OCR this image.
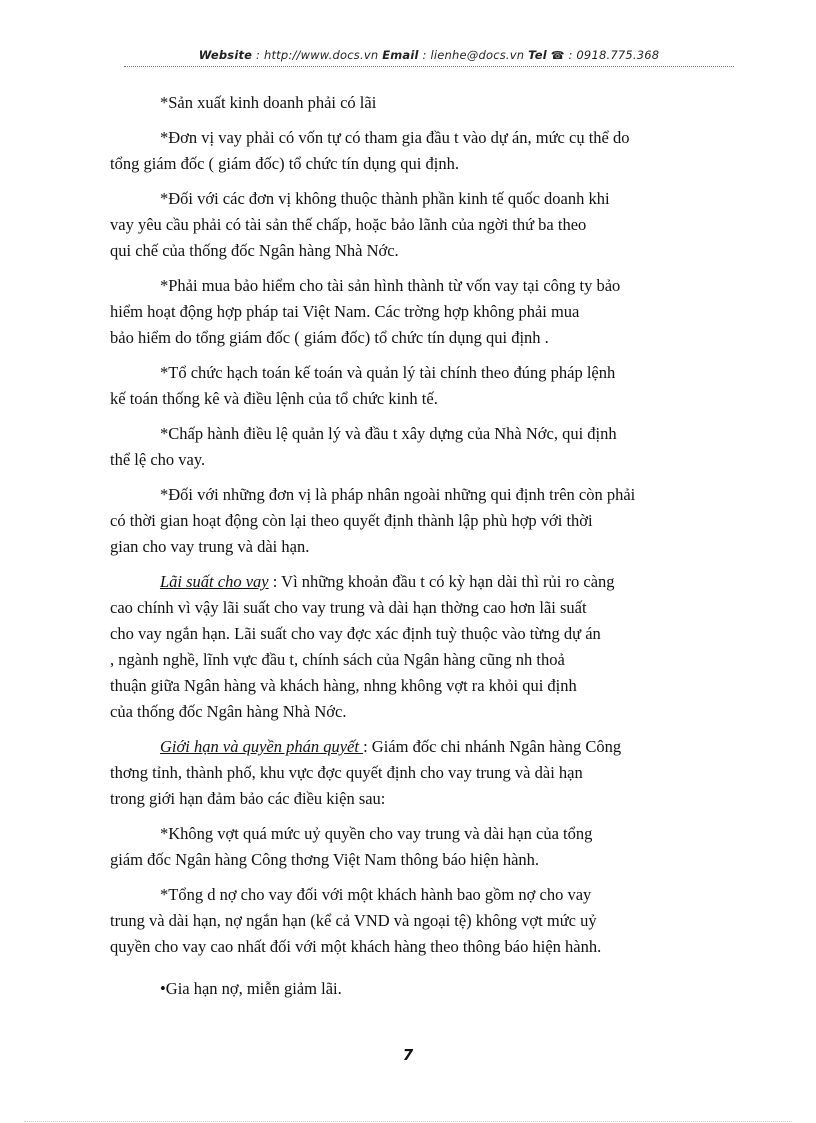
Website : http://www.docs.vn Email : lienhe@docs.vn Tel ☎ : 0918.775.368

*Sản xuất kinh doanh phải có lãi

*Đơn vị vay phải có vốn tự có tham gia đầu t vào dự án, mức cụ thể do
tổng giám đốc ( giám đốc) tổ chức tín dụng qui định.

*Đối với các đơn vị không thuộc thành phần kinh tế quốc doanh khi
vay yêu cầu phải có tài sản thế chấp, hoặc bảo lãnh của ngời thứ ba theo
qui chế của thống đốc Ngân hàng Nhà Nớc.

*Phải mua bảo hiểm cho tài sản hình thành từ vốn vay tại công ty bảo
hiểm hoạt động hợp pháp tai Việt Nam. Các trờng hợp không phải mua
bảo hiểm do tổng giám đốc ( giám đốc) tổ chức tín dụng qui định .

*Tổ chức hạch toán kế toán và quản lý tài chính theo đúng pháp lệnh
kế toán thống kê và điều lệnh của tổ chức kinh tế.

*Chấp hành điều lệ quản lý và đầu t xây dựng của Nhà Nớc, qui định
thể lệ cho vay.

*Đối với những đơn vị là pháp nhân ngoài những qui định trên còn phải
có thời gian hoạt động còn lại theo quyết định thành lập phù hợp với thời
gian cho vay trung và dài hạn.

Lãi suất cho vay : Vì những khoản đầu t có kỳ hạn dài thì rủi ro càng
cao chính vì vậy lãi suất cho vay trung và dài hạn thờng cao hơn lãi suất
cho vay ngắn hạn. Lãi suất cho vay đợc xác định tuỳ thuộc vào từng dự án
, ngành nghề, lĩnh vực đầu t, chính sách của Ngân hàng cũng nh thoả
thuận giữa Ngân hàng và khách hàng, nhng không vợt ra khỏi qui định
của thống đốc Ngân hàng Nhà Nớc.

Giới hạn và quyền phán quyết : Giám đốc chi nhánh Ngân hàng Công
thơng tỉnh, thành phố, khu vực đợc quyết định cho vay trung và dài hạn
trong giới hạn đảm bảo các điều kiện sau:

*Không vợt quá mức uỷ quyền cho vay trung và dài hạn của tổng
giám đốc Ngân hàng Công thơng Việt Nam thông báo hiện hành.

*Tổng d nợ cho vay đối với một khách hành bao gồm nợ cho vay
trung và dài hạn, nợ ngắn hạn (kể cả VND và ngoại tệ) không vợt mức uỷ
quyền cho vay cao nhất đối với một khách hàng theo thông báo hiện hành.

•Gia hạn nợ, miễn giảm lãi.

7
